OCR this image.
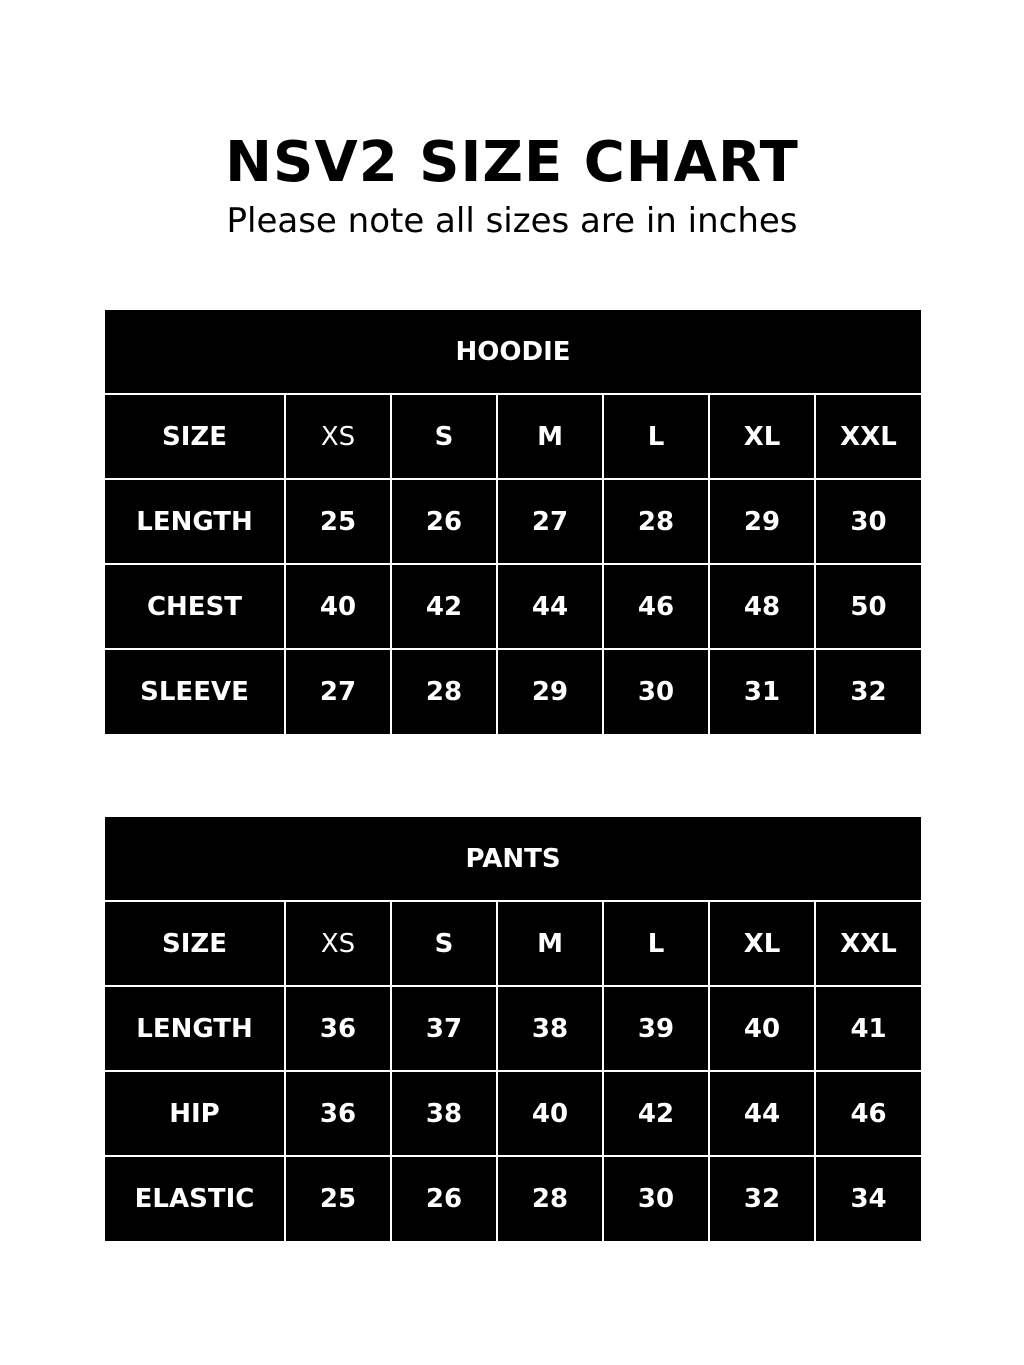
NSV2 SIZE CHART

Please note all sizes are in inches

HOODIE						
SIZE	XS	S	M	L	XL	XXL
LENGTH	25	26	27	28	29	30
CHEST	40	42	44	46	48	50
SLEEVE	27	28	29	30	31	32
PANTS						
SIZE	XS	S	M	L	XL	XXL
LENGTH	36	37	38	39	40	41
HIP	36	38	40	42	44	46
ELASTIC	25	26	28	30	32	34
